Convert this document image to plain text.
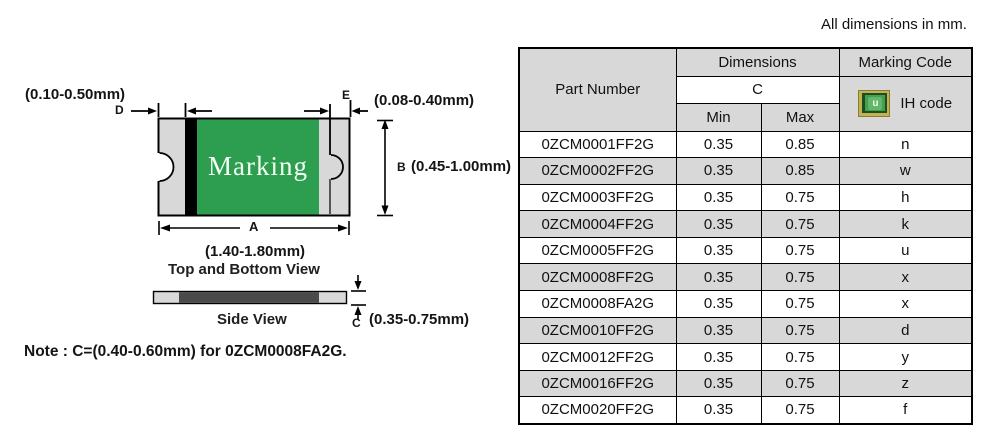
(0.10-0.50mm)
D
E (0.08-0.40mm)
B (0.45-1.00mm)
A
(1.40-1.80mm)
Top and Bottom View
Side View	C (0.35-0.75mm)
Marking
Note : C=(0.40-0.60mm) for 0ZCM0008FA2G.
All dimensions in mm.
Part Number	Dimensions		Marking Code
	C		u IH code

	Min	Max	
0ZCM0001FF2G	0.35	0.85	n
0ZCM0002FF2G	0.35	0.85	w
0ZCM0003FF2G	0.35	0.75	h
0ZCM0004FF2G	0.35	0.75	k
0ZCM0005FF2G	0.35	0.75	u
0ZCM0008FF2G	0.35	0.75	x
0ZCM0008FA2G	0.35	0.75	x
0ZCM0010FF2G	0.35	0.75	d
0ZCM0012FF2G	0.35	0.75	y
0ZCM0016FF2G	0.35	0.75	z
0ZCM0020FF2G	0.35	0.75	f
